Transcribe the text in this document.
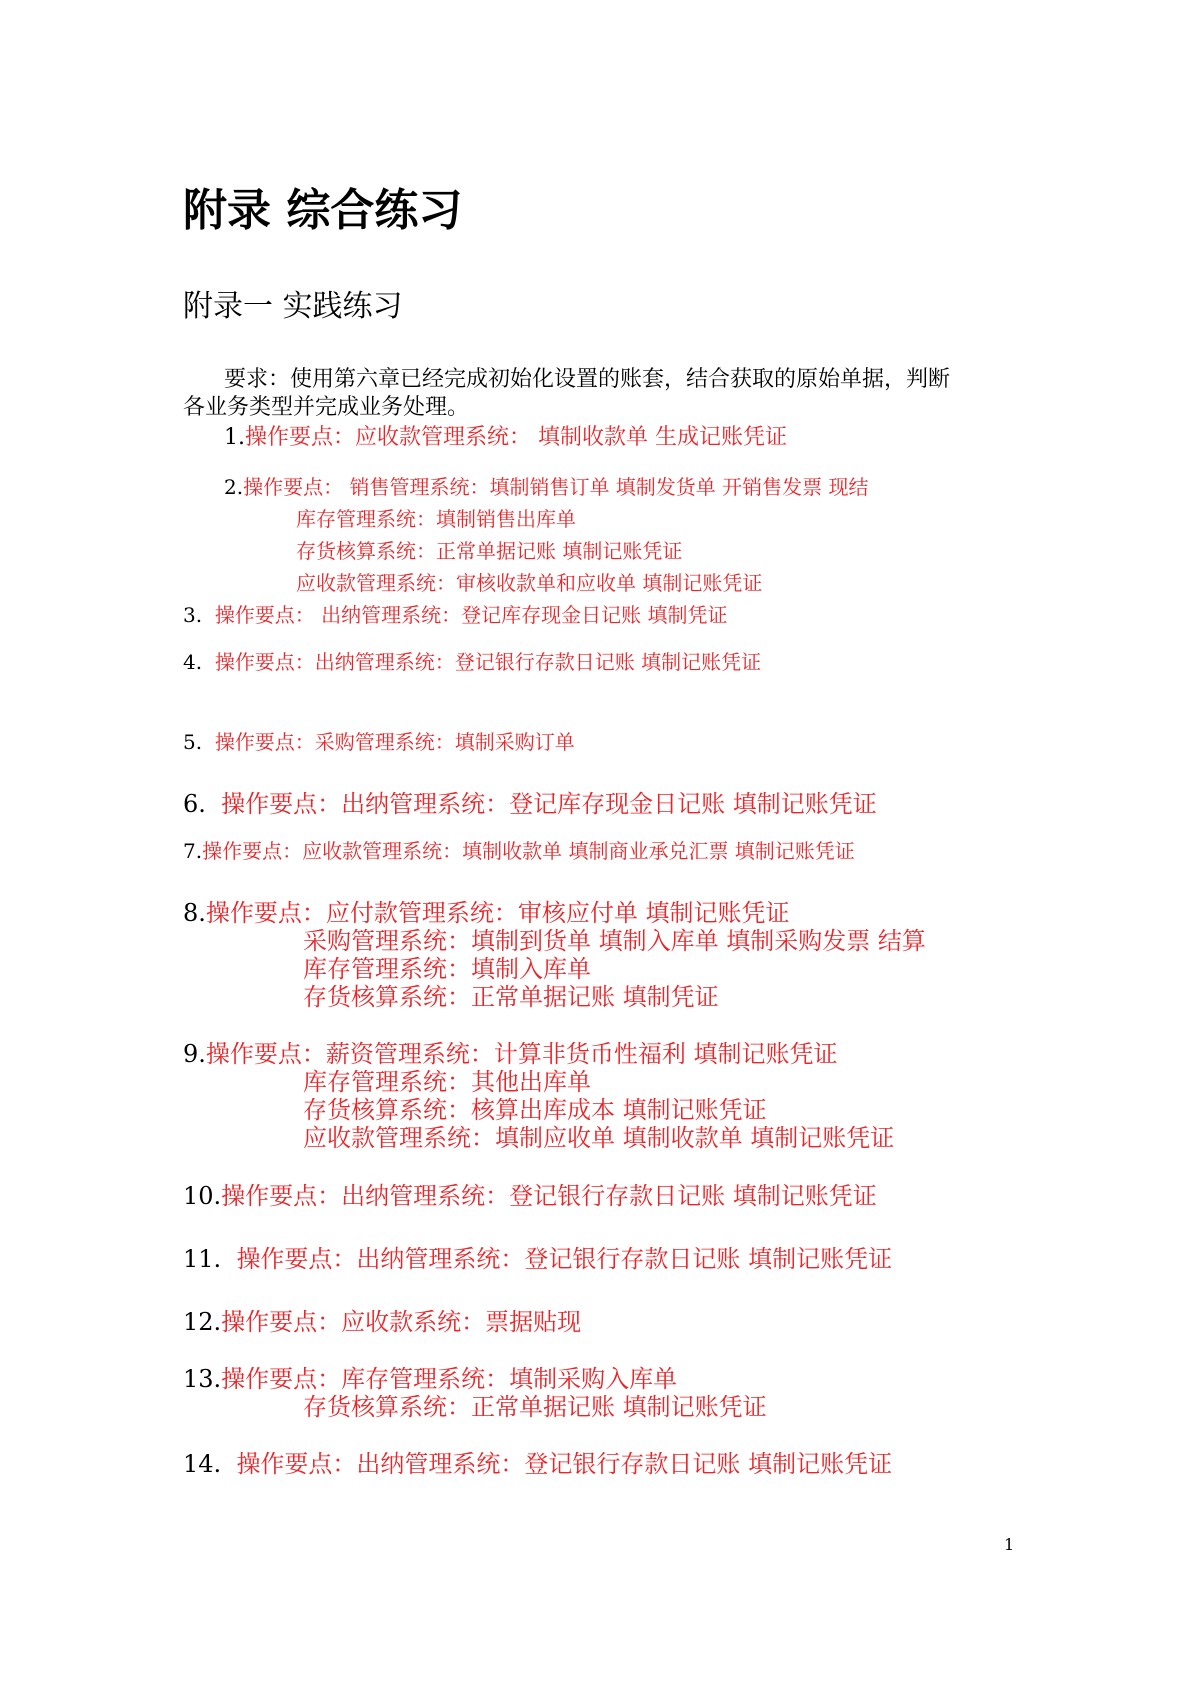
附录 综合练习
附录一 实践练习
要求：使用第六章已经完成初始化设置的账套，结合获取的原始单据，判断
各业务类型并完成业务处理。
1.操作要点：应收款管理系统： 填制收款单 生成记账凭证
2.操作要点： 销售管理系统：填制销售订单 填制发货单 开销售发票 现结
库存管理系统：填制销售出库单
存货核算系统：正常单据记账 填制记账凭证
应收款管理系统：审核收款单和应收单 填制记账凭证
3. 操作要点： 出纳管理系统：登记库存现金日记账 填制凭证
4. 操作要点：出纳管理系统：登记银行存款日记账 填制记账凭证
5. 操作要点：采购管理系统：填制采购订单
6. 操作要点：出纳管理系统：登记库存现金日记账 填制记账凭证
7.操作要点：应收款管理系统：填制收款单 填制商业承兑汇票 填制记账凭证
8.操作要点：应付款管理系统：审核应付单 填制记账凭证
采购管理系统：填制到货单 填制入库单 填制采购发票 结算
库存管理系统：填制入库单
存货核算系统：正常单据记账 填制凭证
9.操作要点：薪资管理系统：计算非货币性福利 填制记账凭证
库存管理系统：其他出库单
存货核算系统：核算出库成本 填制记账凭证
应收款管理系统：填制应收单 填制收款单 填制记账凭证
10.操作要点：出纳管理系统：登记银行存款日记账 填制记账凭证
11. 操作要点：出纳管理系统：登记银行存款日记账 填制记账凭证
12.操作要点：应收款系统：票据贴现
13.操作要点：库存管理系统：填制采购入库单
存货核算系统：正常单据记账 填制记账凭证
14. 操作要点：出纳管理系统：登记银行存款日记账 填制记账凭证
1
